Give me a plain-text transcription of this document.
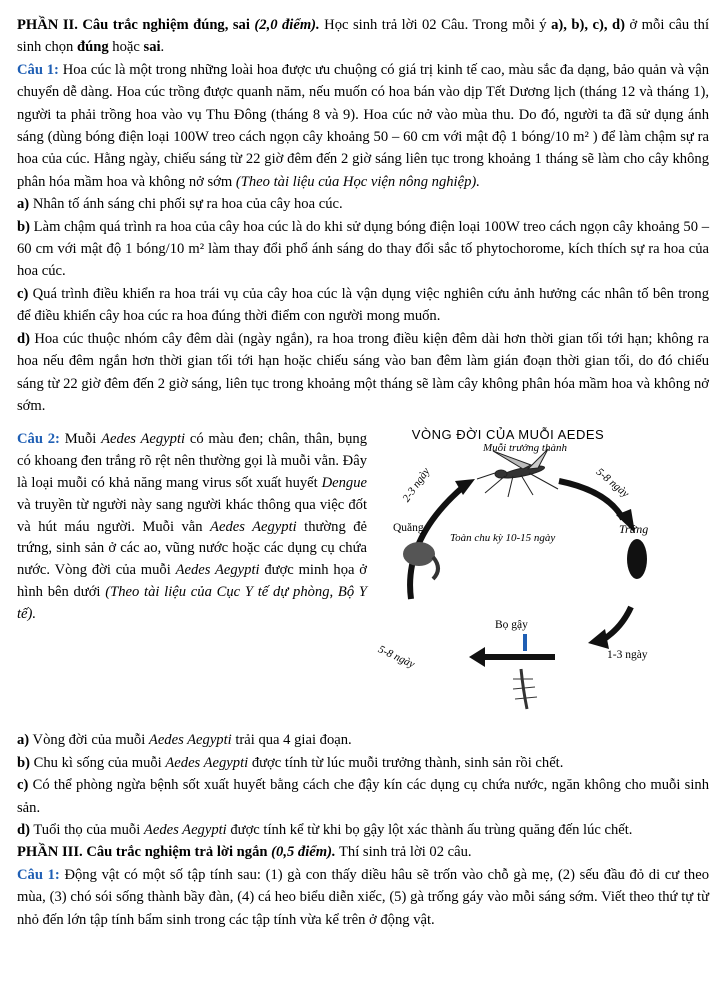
PHẦN II. Câu trắc nghiệm đúng, sai (2,0 điểm). Học sinh trả lời 02 Câu. Trong mỗi ý a), b), c), d) ở mỗi câu thí sinh chọn đúng hoặc sai.

Câu 1: Hoa cúc là một trong những loài hoa được ưu chuộng có giá trị kinh tế cao, màu sắc đa dạng, bảo quản và vận chuyển dễ dàng. Hoa cúc trồng được quanh năm, nếu muốn có hoa bán vào dịp Tết Dương lịch (tháng 12 và tháng 1), người ta phải trồng hoa vào vụ Thu Đông (tháng 8 và 9). Hoa cúc nở vào mùa thu. Do đó, người ta đã sử dụng ánh sáng (dùng bóng điện loại 100W treo cách ngọn cây khoảng 50 – 60 cm với mật độ 1 bóng/10 m² ) để làm chậm sự ra hoa của cúc. Hằng ngày, chiếu sáng từ 22 giờ đêm đến 2 giờ sáng liên tục trong khoảng 1 tháng sẽ làm cho cây không phân hóa mầm hoa và không nở sớm (Theo tài liệu của Học viện nông nghiệp).

a) Nhân tố ánh sáng chi phối sự ra hoa của cây hoa cúc.

b) Làm chậm quá trình ra hoa của cây hoa cúc là do khi sử dụng bóng điện loại 100W treo cách ngọn cây khoảng 50 – 60 cm với mật độ 1 bóng/10 m² làm thay đổi phổ ánh sáng do thay đổi sắc tố phytochorome, kích thích sự ra hoa của hoa cúc.

c) Quá trình điều khiển ra hoa trái vụ của cây hoa cúc là vận dụng việc nghiên cứu ảnh hưởng các nhân tố bên trong để điều khiển cây hoa cúc ra hoa đúng thời điểm con người mong muốn.

d) Hoa cúc thuộc nhóm cây đêm dài (ngày ngắn), ra hoa trong điều kiện đêm dài hơn thời gian tối tới hạn; không ra hoa nếu đêm ngắn hơn thời gian tối tới hạn hoặc chiếu sáng vào ban đêm làm gián đoạn thời gian tối, do đó chiếu sáng từ 22 giờ đêm đến 2 giờ sáng, liên tục trong khoảng một tháng sẽ làm cây không phân hóa mầm hoa và không nở sớm.

Câu 2: Muỗi Aedes Aegypti có màu đen; chân, thân, bụng có khoang đen trắng rõ rệt nên thường gọi là muỗi vằn. Đây là loại muỗi có khả năng mang virus sốt xuất huyết Dengue và truyền từ người này sang người khác thông qua việc đốt và hút máu người. Muỗi vằn Aedes Aegypti thường đẻ trứng, sinh sản ở các ao, vũng nước hoặc các dụng cụ chứa nước. Vòng đời của muỗi Aedes Aegypti được minh họa ở hình bên dưới (Theo tài liệu của Cục Y tế dự phòng, Bộ Y tế).

VÒNG ĐỜI CỦA MUỖI AEDES
Muỗi trưởng thành
2-3 ngày	5-8 ngày
Quăng	Trứng
Toàn chu kỳ 10-15 ngày
Bọ gậy
5-8 ngày	1-3 ngày

a) Vòng đời của muỗi Aedes Aegypti trải qua 4 giai đoạn.

b) Chu kì sống của muỗi Aedes Aegypti được tính từ lúc muỗi trưởng thành, sinh sản rồi chết.

c) Có thể phòng ngừa bệnh sốt xuất huyết bằng cách che đậy kín các dụng cụ chứa nước, ngăn không cho muỗi sinh sản.

d) Tuổi thọ của muỗi Aedes Aegypti được tính kể từ khi bọ gậy lột xác thành ấu trùng quăng đến lúc chết.

PHẦN III. Câu trắc nghiệm trả lời ngắn (0,5 điểm). Thí sinh trả lời 02 câu.

Câu 1: Động vật có một số tập tính sau: (1) gà con thấy diều hâu sẽ trốn vào chỗ gà mẹ, (2) sếu đầu đỏ di cư theo mùa, (3) chó sói sống thành bầy đàn, (4) cá heo biểu diễn xiếc, (5) gà trống gáy vào mỗi sáng sớm. Viết theo thứ tự từ nhỏ đến lớn tập tính bẩm sinh trong các tập tính vừa kể trên ở động vật.
